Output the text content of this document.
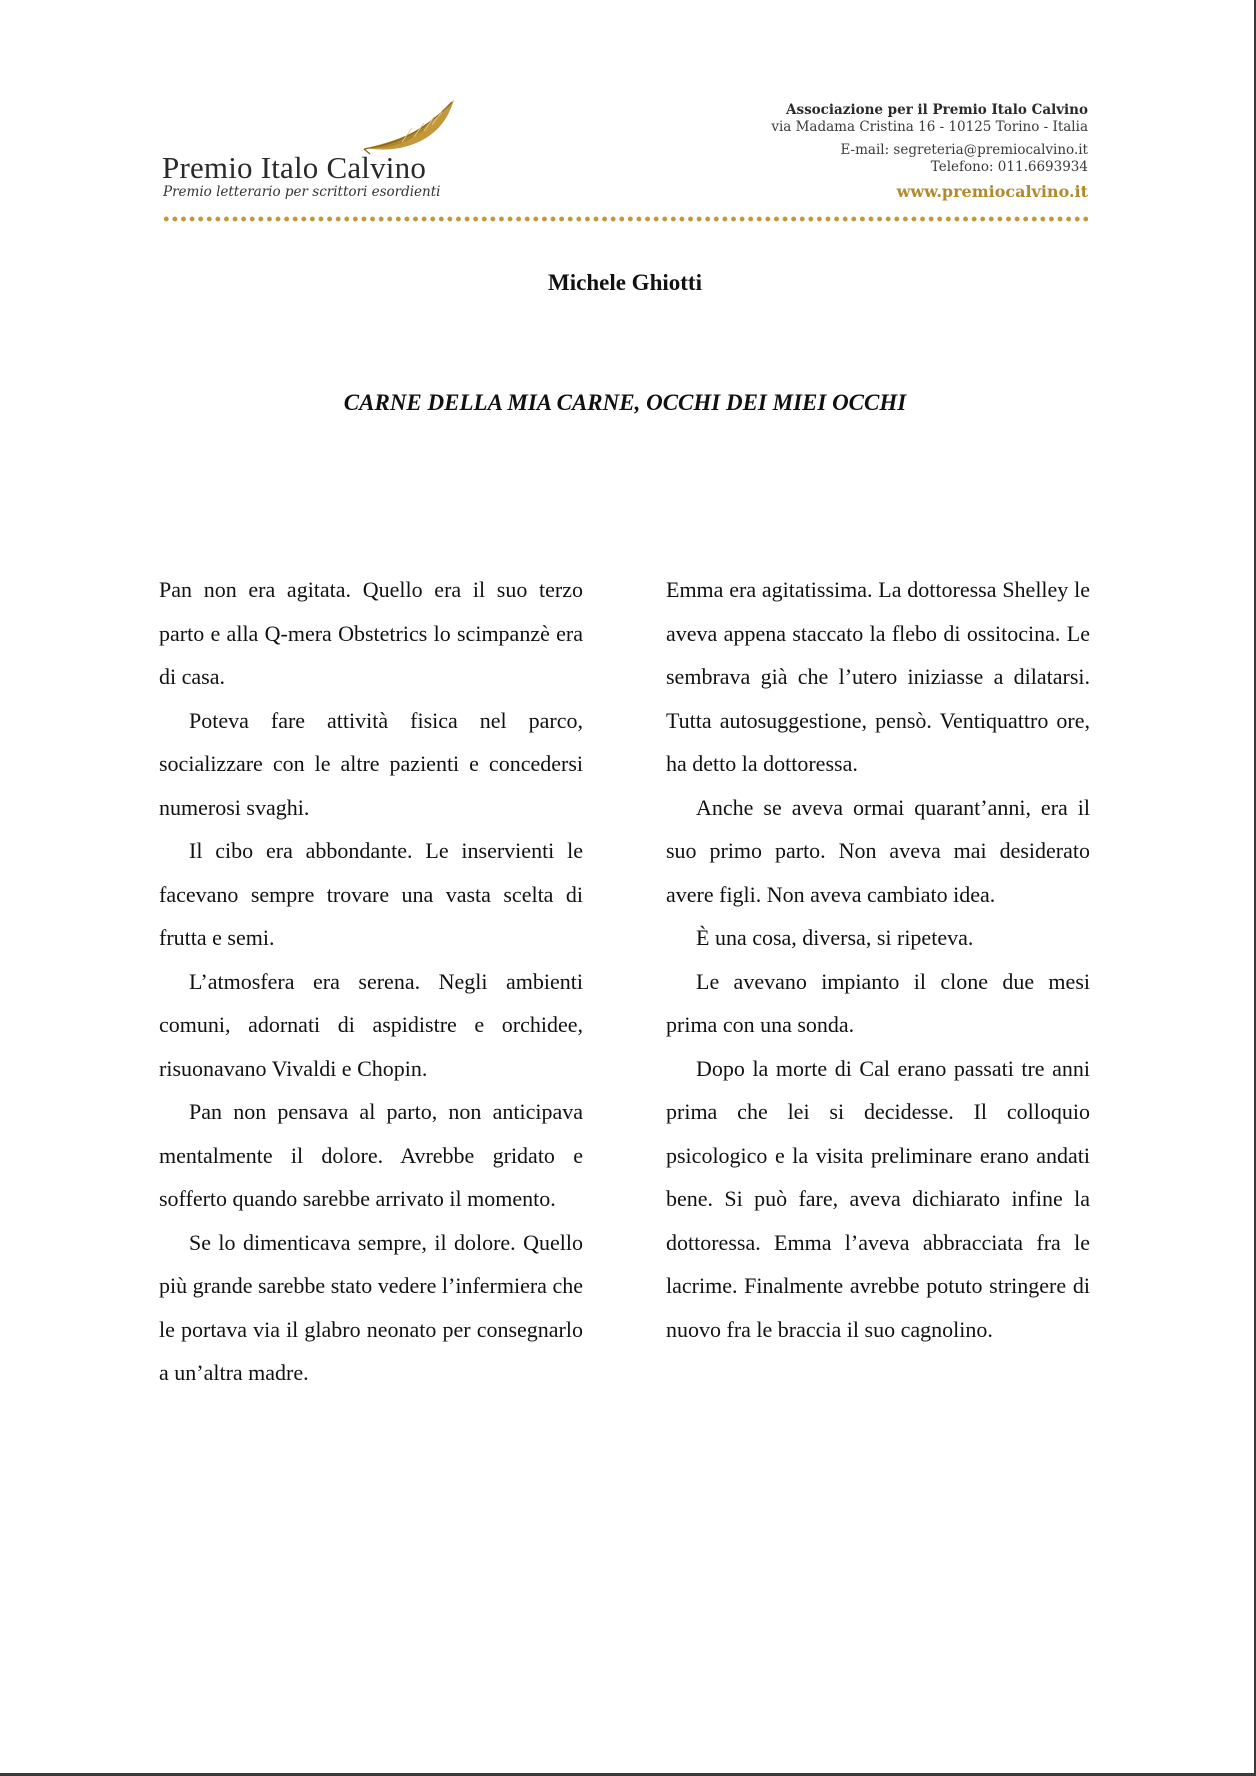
Premio Italo Calvino
Premio letterario per scrittori esordienti
Associazione per il Premio Italo Calvino
via Madama Cristina 16 - 10125 Torino - Italia
E-mail: segreteria@premiocalvino.it
Telefono: 011.6693934
www.premiocalvino.it
Michele Ghiotti
CARNE DELLA MIA CARNE, OCCHI DEI MIEI OCCHI

Pan non era agitata. Quello era il suo terzo parto e alla Q-mera Obstetrics lo scimpanzè era di casa.

Poteva fare attività fisica nel parco, socializzare con le altre pazienti e concedersi numerosi svaghi.

Il cibo era abbondante. Le inservienti le facevano sempre trovare una vasta scelta di frutta e semi.

L’atmosfera era serena. Negli ambienti comuni, adornati di aspidistre e orchidee, risuonavano Vivaldi e Chopin.

Pan non pensava al parto, non anticipava mentalmente il dolore. Avrebbe gridato e sofferto quando sarebbe arrivato il momento.

Se lo dimenticava sempre, il dolore. Quello più grande sarebbe stato vedere l’infermiera che le portava via il glabro neonato per consegnarlo a un’altra madre.

Emma era agitatissima. La dottoressa Shelley le aveva appena staccato la flebo di ossitocina. Le sembrava già che l’utero iniziasse a dilatarsi. Tutta autosuggestione, pensò. Ventiquattro ore, ha detto la dottoressa.

Anche se aveva ormai quarant’anni, era il suo primo parto. Non aveva mai desiderato avere figli. Non aveva cambiato idea.

È una cosa, diversa, si ripeteva.

Le avevano impianto il clone due mesi prima con una sonda.

Dopo la morte di Cal erano passati tre anni prima che lei si decidesse. Il colloquio psicologico e la visita preliminare erano andati bene. Si può fare, aveva dichiarato infine la dottoressa. Emma l’aveva abbracciata fra le lacrime. Finalmente avrebbe potuto stringere di nuovo fra le braccia il suo cagnolino.
